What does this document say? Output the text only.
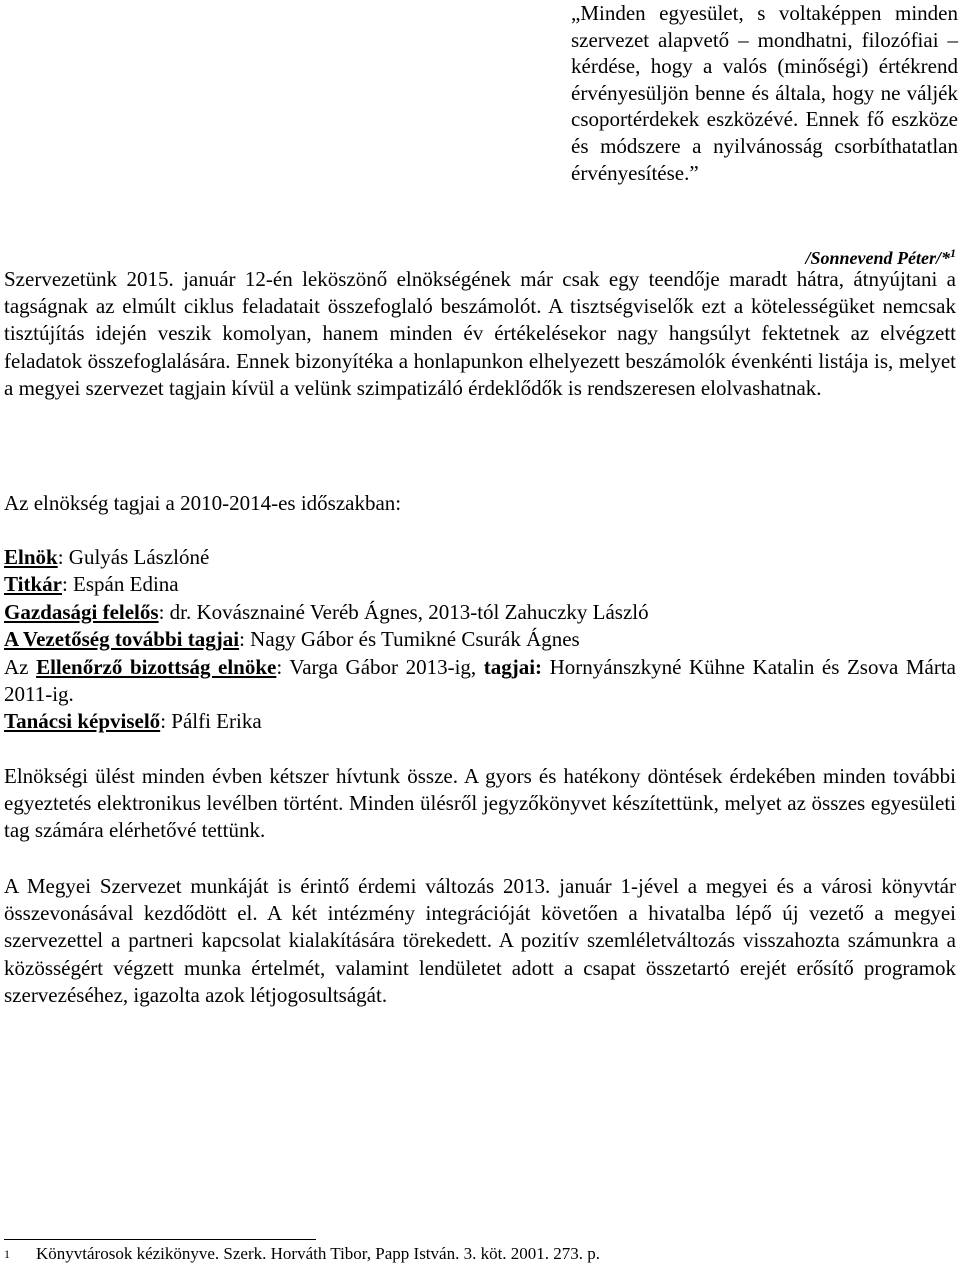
„Minden egyesület, s voltaképpen minden szervezet alapvető – mondhatni, filozófiai – kérdése, hogy a valós (minőségi) értékrend érvényesüljön benne és általa, hogy ne váljék csoportérdekek eszközévé. Ennek fő eszköze és módszere a nyilvánosság csorbíthatatlan érvényesítése.”
/Sonnevend Péter/*$^1$
Szervezetünk 2015. január 12-én leköszönő elnökségének már csak egy teendője maradt hátra, átnyújtani a tagságnak az elmúlt ciklus feladatait összefoglaló beszámolót. A tisztségviselők ezt a kötelességüket nemcsak tisztújítás idején veszik komolyan, hanem minden év értékelésekor nagy hangsúlyt fektetnek az elvégzett feladatok összefoglalására. Ennek bizonyítéka a honlapunkon elhelyezett beszámolók évenkénti listája is, melyet a megyei szervezet tagjain kívül a velünk szimpatizáló érdeklődők is rendszeresen elolvashatnak.
Az elnökség tagjai a 2010-2014-es időszakban:
Elnök: Gulyás Lászlóné
Titkár: Espán Edina
Gazdasági felelős: dr. Kovásznainé Veréb Ágnes, 2013-tól Zahuczky László
A Vezetőség további tagjai: Nagy Gábor és Tumikné Csurák Ágnes
Az Ellenőrző bizottság elnöke: Varga Gábor 2013-ig, tagjai: Hornyánszkyné Kühne Katalin és Zsova Márta 2011-ig.
Tanácsi képviselő: Pálfi Erika
Elnökségi ülést minden évben kétszer hívtunk össze. A gyors és hatékony döntések érdekében minden további egyeztetés elektronikus levélben történt. Minden ülésről jegyzőkönyvet készítettünk, melyet az összes egyesületi tag számára elérhetővé tettünk.
A Megyei Szervezet munkáját is érintő érdemi változás 2013. január 1-jével a megyei és a városi könyvtár összevonásával kezdődött el. A két intézmény integrációját követően a hivatalba lépő új vezető a megyei szervezettel a partneri kapcsolat kialakítására törekedett. A pozitív szemléletváltozás visszahozta számunkra a közösségért végzett munka értelmét, valamint lendületet adott a csapat összetartó erejét erősítő programok szervezéséhez, igazolta azok létjogosultságát.
1 Könyvtárosok kézikönyve. Szerk. Horváth Tibor, Papp István. 3. köt. 2001. 273. p.
